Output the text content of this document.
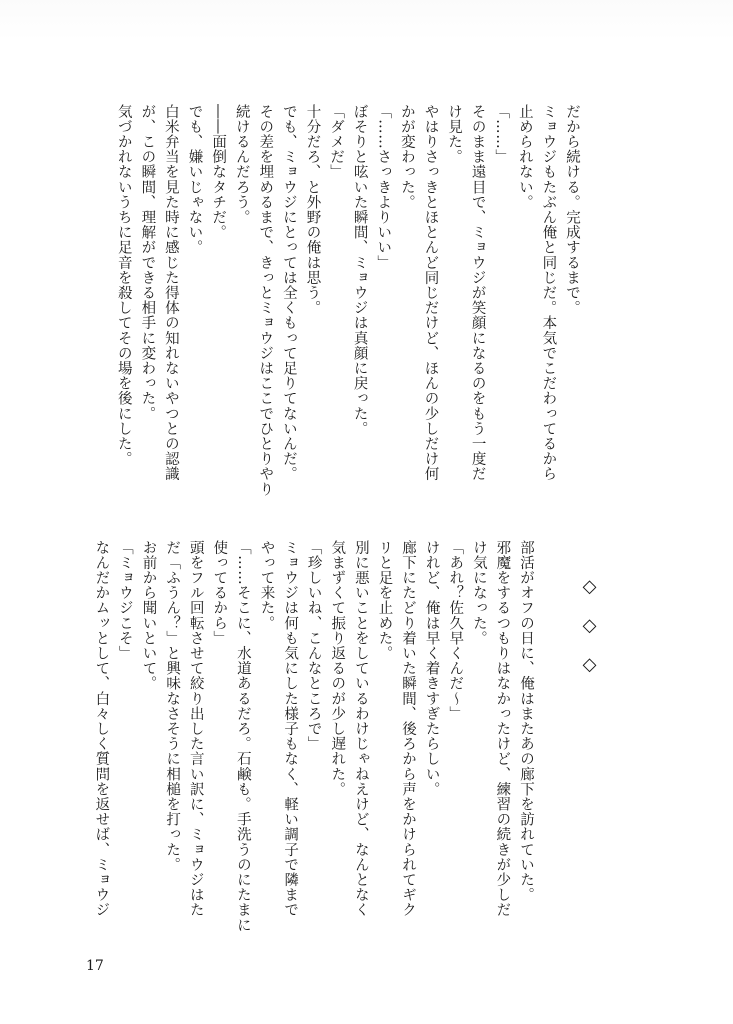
だから続ける。完成するまで。

ミョウジもたぶん俺と同じだ。本気でこだわってるから

止められない。

「……」

そのまま遠目で、ミョウジが笑顔になるのをもう一度だ

け見た。

やはりさっきとほとんど同じだけど、ほんの少しだけ何

かが変わった。

「……さっきよりいい」

ぼそりと呟いた瞬間、ミョウジは真顔に戻った。

「ダメだ」

十分だろ、と外野の俺は思う。

でも、ミョウジにとっては全くもって足りてないんだ。

その差を埋めるまで、きっとミョウジはここでひとりやり

続けるんだろう。

――面倒なタチだ。

でも、嫌いじゃない。

白米弁当を見た時に感じた得体の知れないやつとの認識

が、この瞬間、理解ができる相手に変わった。

気づかれないうちに足音を殺してその場を後にした。

◇◇◇

部活がオフの日に、俺はまたあの廊下を訪れていた。

邪魔をするつもりはなかったけど、練習の続きが少しだ

け気になった。

「あれ？佐久早くんだ～」

けれど、俺は早く着きすぎたらしい。

廊下にたどり着いた瞬間、後ろから声をかけられてギク

リと足を止めた。

別に悪いことをしているわけじゃねえけど、なんとなく

気まずくて振り返るのが少し遅れた。

「珍しいね、こんなところで」

ミョウジは何も気にした様子もなく、軽い調子で隣まで

やって来た。

「……そこに、水道あるだろ。石鹸も。手洗うのにたまに

使ってるから」

頭をフル回転させて絞り出した言い訳に、ミョウジはた

だ「ふうん？」と興味なさそうに相槌を打った。

お前から聞いといて。

「ミョウジこそ」

なんだかムッとして、白々しく質問を返せば、ミョウジ

17
